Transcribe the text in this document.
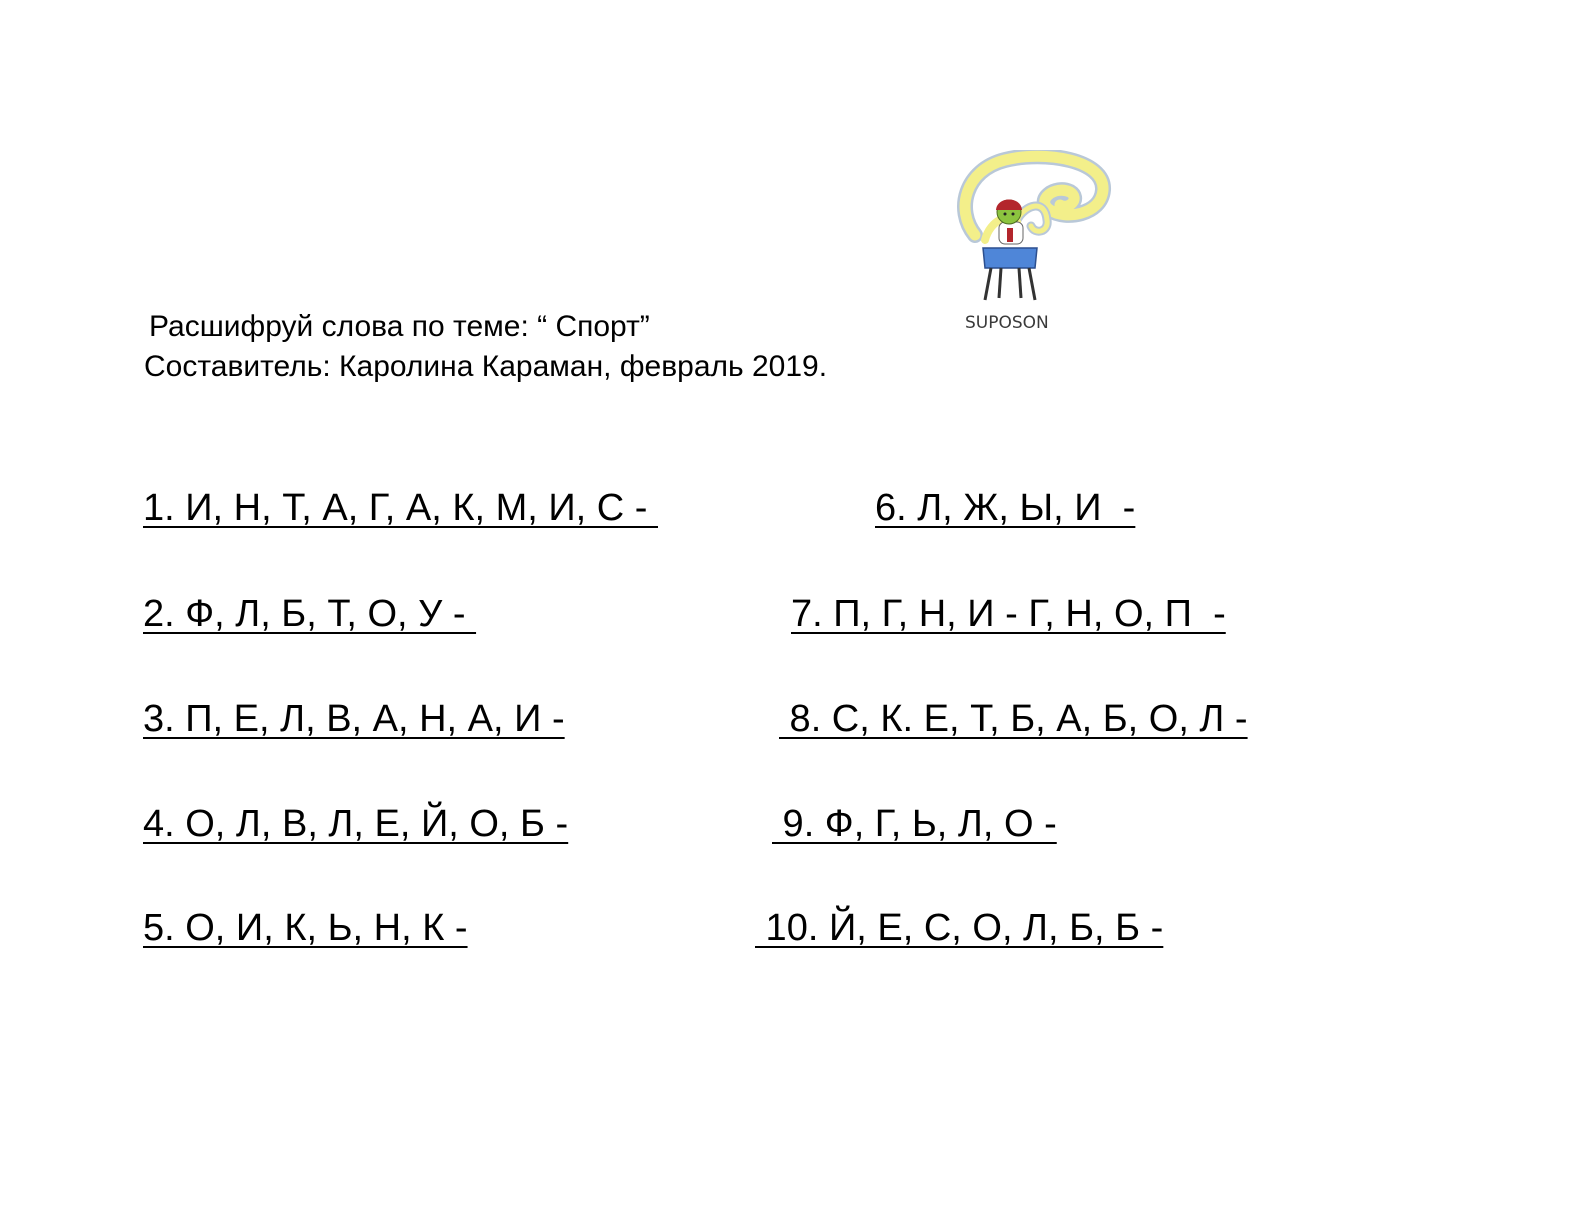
SUPOSON
Расшифруй слова по теме: “ Спорт”
Составитель: Каролина Караман, февраль 2019.
1. И, Н, Т, А, Г, А, К, М, И, С -
2. Ф, Л, Б, Т, О, У -
3. П, Е, Л, В, А, Н, А, И -
4. О, Л, В, Л, Е, Й, О, Б -
5. О, И, К, Ь, Н, К -
6. Л, Ж, Ы, И  -
7. П, Г, Н, И - Г, Н, О, П  -
8. С, К. Е, Т, Б, А, Б, О, Л -
9. Ф, Г, Ь, Л, О -
10. Й, Е, С, О, Л, Б, Б -
